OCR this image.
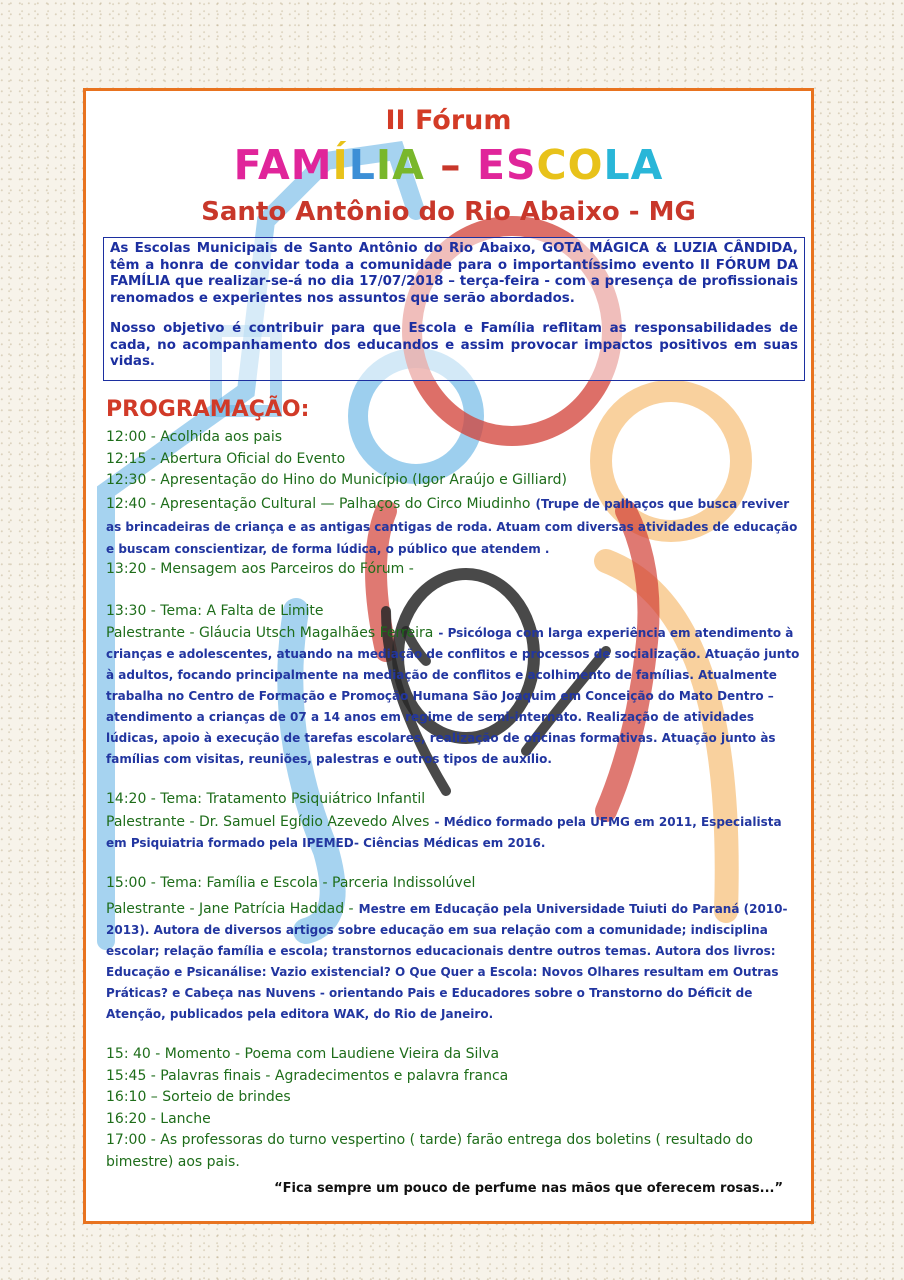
II Fórum
FAMÍLIA – ESCOLA
Santo Antônio do Rio Abaixo - MG

As Escolas Municipais de Santo Antônio do Rio Abaixo, GOTA MÁGICA & LUZIA CÂNDIDA, têm a honra de convidar toda a comunidade para o importantíssimo evento II FÓRUM DA FAMÍLIA que realizar-se-á no dia 17/07/2018 – terça-feira - com a presença de profissionais renomados e experientes nos assuntos que serão abordados.

Nosso objetivo é contribuir para que Escola e Família reflitam as responsabilidades de cada, no acompanhamento dos educandos e assim provocar impactos positivos em suas vidas.

PROGRAMAÇÃO:

12:00 - Acolhida aos pais

12:15 - Abertura Oficial do Evento

12:30 - Apresentação do Hino do Município (Igor Araújo e Gilliard)

12:40 - Apresentação Cultural — Palhaços do Circo Miudinho (Trupe de palhaços que busca reviver as brincadeiras de criança e as antigas cantigas de roda. Atuam com diversas atividades de educação e buscam conscientizar, de forma lúdica, o público que atendem .

13:20 - Mensagem aos Parceiros do Fórum -

13:30 - Tema: A Falta de Limite

Palestrante - Gláucia Utsch Magalhães Ferreira - Psicóloga com larga experiência em atendimento à crianças e adolescentes, atuando na mediação de conflitos e processos de socialização. Atuação junto à adultos, focando principalmente na mediação de conflitos e acolhimento de famílias. Atualmente trabalha no Centro de Formação e Promoção Humana São Joaquim em Conceição do Mato Dentro – atendimento a crianças de 07 a 14 anos em regime de semi-internato. Realização de atividades lúdicas, apoio à execução de tarefas escolares, realização de oficinas formativas. Atuação junto às famílias com visitas, reuniões, palestras e outros tipos de auxílio.

14:20 - Tema: Tratamento Psiquiátrico Infantil

Palestrante - Dr. Samuel Egídio Azevedo Alves - Médico formado pela UFMG em 2011, Especialista em Psiquiatria formado pela IPEMED- Ciências Médicas em 2016.

15:00 - Tema: Família e Escola - Parceria Indissolúvel

Palestrante - Jane Patrícia Haddad - Mestre em Educação pela Universidade Tuiuti do Paraná (2010-2013). Autora de diversos artigos sobre educação em sua relação com a comunidade; indisciplina escolar; relação família e escola; transtornos educacionais dentre outros temas. Autora dos livros: Educação e Psicanálise: Vazio existencial? O Que Quer a Escola: Novos Olhares resultam em Outras Práticas? e Cabeça nas Nuvens - orientando Pais e Educadores sobre o Transtorno do Déficit de Atenção, publicados pela editora WAK, do Rio de Janeiro.

15: 40 - Momento - Poema com Laudiene Vieira da Silva

15:45 - Palavras finais - Agradecimentos e palavra franca

16:10 – Sorteio de brindes

16:20 - Lanche

17:00 - As professoras do turno vespertino ( tarde) farão entrega dos boletins ( resultado do bimestre) aos pais.

“Fica sempre um pouco de perfume nas mãos que oferecem rosas...”
